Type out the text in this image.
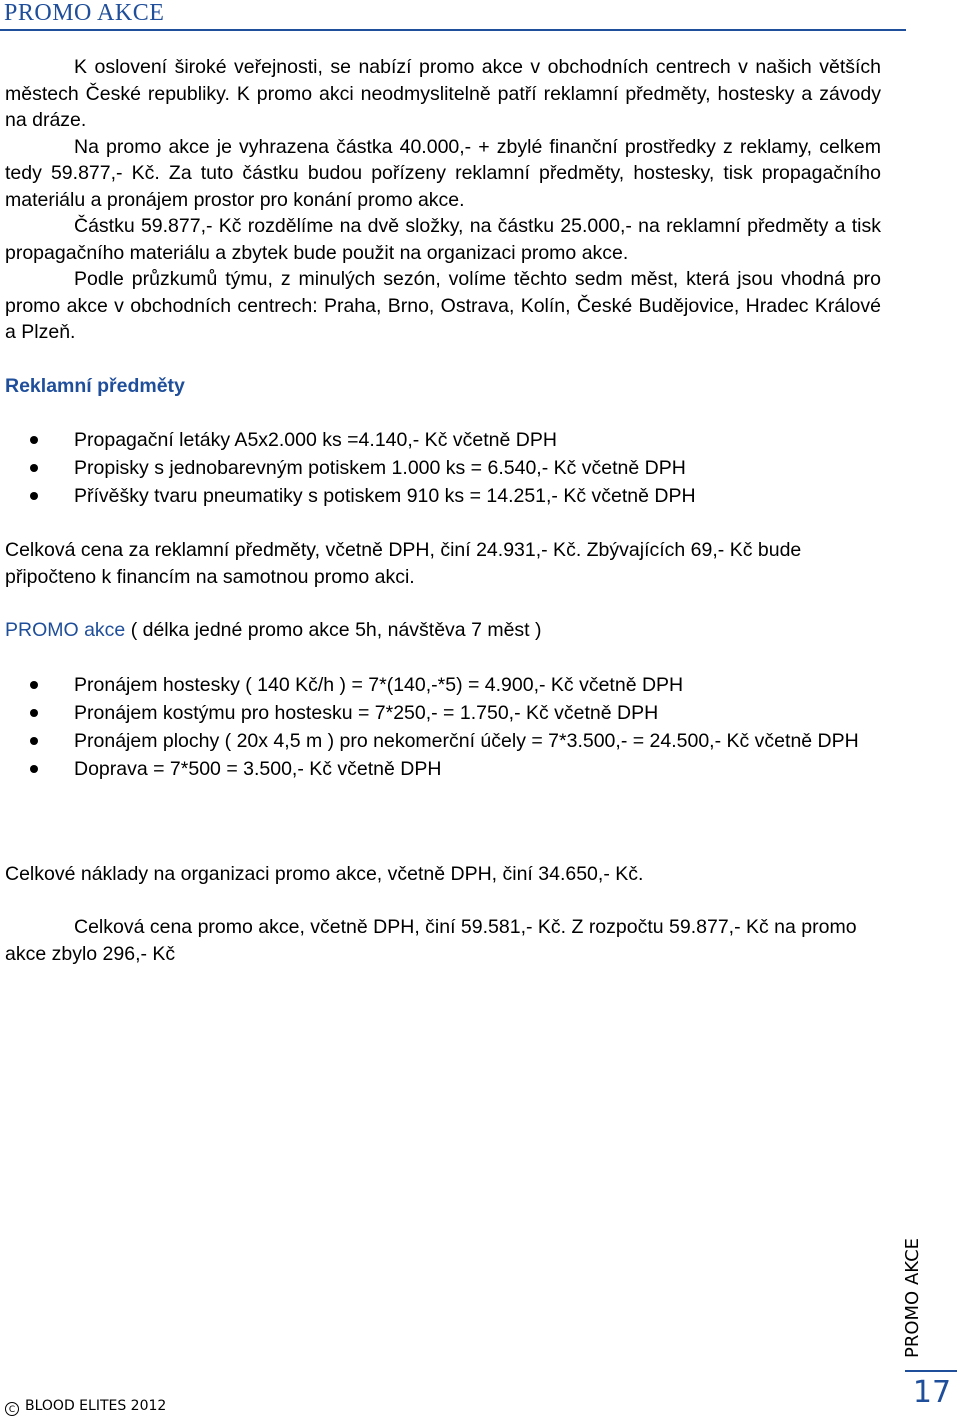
PROMO AKCE

K oslovení široké veřejnosti, se nabízí promo akce v obchodních centrech v našich větších městech České republiky. K promo akci neodmyslitelně patří reklamní předměty, hostesky a závody na dráze.

Na promo akce je vyhrazena částka 40.000,- + zbylé finanční prostředky z reklamy, celkem tedy 59.877,- Kč. Za tuto částku budou pořízeny reklamní předměty, hostesky, tisk propagačního materiálu a pronájem prostor pro konání promo akce.

Částku 59.877,- Kč rozdělíme na dvě složky, na částku 25.000,- na reklamní předměty a tisk propagačního materiálu a zbytek bude použit na organizaci promo akce.

Podle průzkumů týmu, z minulých sezón, volíme těchto sedm měst, která jsou vhodná pro promo akce v obchodních centrech: Praha, Brno, Ostrava, Kolín, České Budějovice, Hradec Králové a Plzeň.

Reklamní předměty

Propagační letáky A5x2.000 ks =4.140,- Kč včetně DPH
Propisky s jednobarevným potiskem 1.000 ks = 6.540,- Kč včetně DPH
Přívěšky tvaru pneumatiky s potiskem 910 ks = 14.251,- Kč včetně DPH

Celková cena za reklamní předměty, včetně DPH, činí 24.931,- Kč. Zbývajících 69,- Kč bude připočteno k financím na samotnou promo akci.

PROMO akce ( délka jedné promo akce 5h, návštěva 7 měst )

Pronájem hostesky ( 140 Kč/h ) = 7*(140,-*5) = 4.900,- Kč včetně DPH
Pronájem kostýmu pro hostesku = 7*250,- = 1.750,- Kč včetně DPH
Pronájem plochy ( 20x 4,5 m ) pro nekomerční účely = 7*3.500,- = 24.500,- Kč včetně DPH
Doprava = 7*500 = 3.500,- Kč včetně DPH

Celkové náklady na organizaci promo akce, včetně DPH, činí 34.650,- Kč.

Celková cena promo akce, včetně DPH, činí 59.581,- Kč. Z rozpočtu 59.877,- Kč na promo akce zbylo 296,- Kč

C BLOOD ELITES 2012
PROMO AKCE
17
